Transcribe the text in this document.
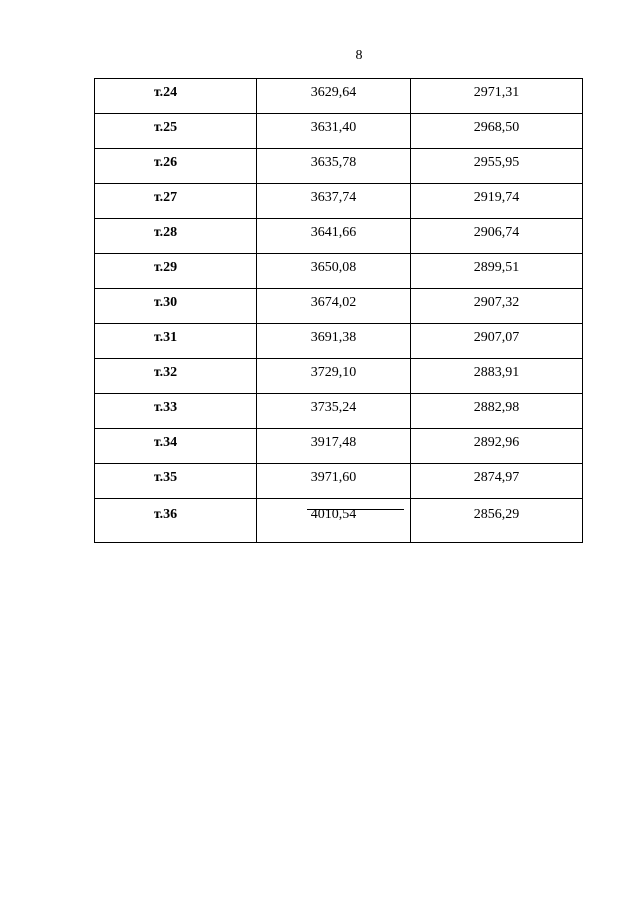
8
т.24	3629,64	2971,31
т.25	3631,40	2968,50
т.26	3635,78	2955,95
т.27	3637,74	2919,74
т.28	3641,66	2906,74
т.29	3650,08	2899,51
т.30	3674,02	2907,32
т.31	3691,38	2907,07
т.32	3729,10	2883,91
т.33	3735,24	2882,98
т.34	3917,48	2892,96
т.35	3971,60	2874,97
т.36	4010,54	2856,29
